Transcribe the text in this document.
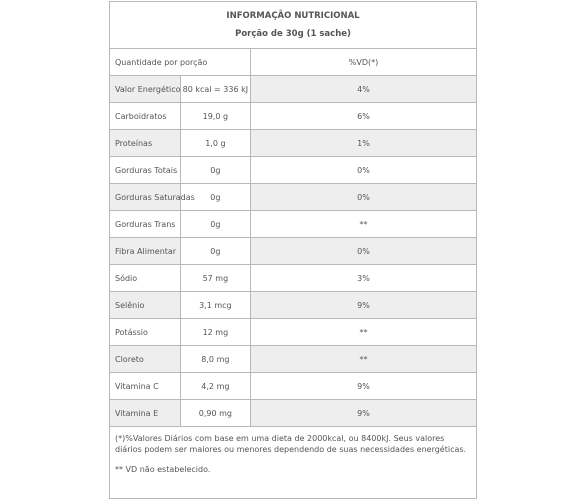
INFORMAÇÃO NUTRICIONAL
Porção de 30g (1 sache)
Quantidade por porção		%VD(*)
Valor Energético	80 kcal = 336 kJ	4%
Carboidratos	19,0 g	6%
Proteínas	1,0 g	1%
Gorduras Totais	0g	0%
Gorduras Saturadas	0g	0%
Gorduras Trans	0g	**
Fibra Alimentar	0g	0%
Sódio	57 mg	3%
Selênio	3,1 mcg	9%
Potássio	12 mg	**
Cloreto	8,0 mg	**
Vitamina C	4,2 mg	9%
Vitamina E	0,90 mg	9%

(*)%Valores Diários com base em uma dieta de 2000kcal, ou 8400kJ. Seus valores diários podem ser maiores ou menores dependendo de suas necessidades energéticas.

** VD não estabelecido.
